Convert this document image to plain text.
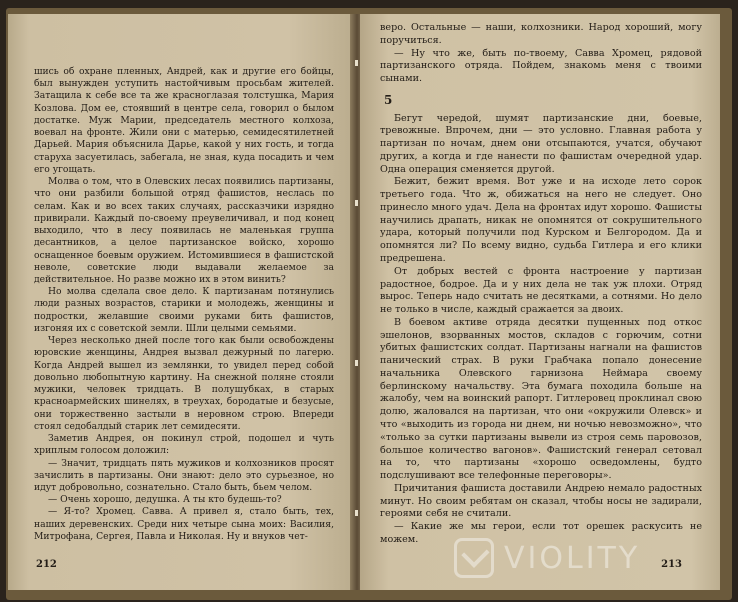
шись об охране пленных, Андрей, как и другие его бойцы, был вынужден уступить настойчивым просьбам жителей. Затащила к себе все та же красноглазая толстушка, Мария Козлова. Дом ее, стоявший в центре села, говорил о былом достатке. Муж Марии, председатель местного колхоза, воевал на фронте. Жили они с матерью, семидесятилетней Дарьей. Мария объяснила Дарье, какой у них гость, и тогда старуха засуетилась, забегала, не зная, куда посадить и чем его угощать.

Молва о том, что в Олевских лесах появились партизаны, что они разбили большой отряд фашистов, неслась по селам. Как и во всех таких случаях, рассказчики изрядно привирали. Каждый по-своему преувеличивал, и под конец выходило, что в лесу появилась не маленькая группа десантников, а целое партизанское войско, хорошо оснащенное боевым оружием. Истомившиеся в фашистской неволе, советские люди выдавали желаемое за действительное. Но разве можно их в этом винить?

Но молва сделала свое дело. К партизанам потянулись люди разных возрастов, старики и молодежь, женщины и подростки, желавшие своими руками бить фашистов, изгоняя их с советской земли. Шли целыми семьями.

Через несколько дней после того как были освобождены юровские женщины, Андрея вызвал дежурный по лагерю. Когда Андрей вышел из землянки, то увидел перед собой довольно любопытную картину. На снежной поляне стояли мужики, человек тридцать. В полушубках, в старых красноармейских шинелях, в треухах, бородатые и безусые, они торжественно застыли в неровном строю. Впереди стоял седобалдый старик лет семидесяти.

Заметив Андрея, он покинул строй, подошел и чуть хриплым голосом доложил:

— Значит, тридцать пять мужиков и колхозников просят зачислить в партизаны. Они знают: дело это сурьезное, но идут добровольно, сознательно. Стало быть, бьем челом.

— Очень хорошо, дедушка. А ты кто будешь-то?

— Я-то? Хромец. Савва. А привел я, стало быть, тех, наших деревенских. Среди них четыре сына моих: Василия, Митрофана, Сергея, Павла и Николая. Ну и внуков чет-

212

веро. Остальные — наши, колхозники. Народ хороший, могу поручиться.

— Ну что же, быть по-твоему, Савва Хромец, рядовой партизанского отряда. Пойдем, знакомь меня с твоими сынами.

5

Бегут чередой, шумят партизанские дни, боевые, тревожные. Впрочем, дни — это условно. Главная работа у партизан по ночам, днем они отсыпаются, учатся, обучают других, а когда и где нанести по фашистам очередной удар. Одна операция сменяется другой.

Бежит, бежит время. Вот уже и на исходе лето сорок третьего года. Что ж, обижаться на него не следует. Оно принесло много удач. Дела на фронтах идут хорошо. Фашисты научились драпать, никак не опомнятся от сокрушительного удара, который получили под Курском и Белгородом. Да и опомнятся ли? По всему видно, судьба Гитлера и его клики предрешена.

От добрых вестей с фронта настроение у партизан радостное, бодрое. Да и у них дела не так уж плохи. Отряд вырос. Теперь надо считать не десятками, а сотнями. Но дело не только в числе, каждый сражается за двоих.

В боевом активе отряда десятки пущенных под откос эшелонов, взорванных мостов, складов с горючим, сотни убитых фашистских солдат. Партизаны нагнали на фашистов панический страх. В руки Грабчака попало донесение начальника Олевского гарнизона Неймара своему берлинскому начальству. Эта бумага походила больше на жалобу, чем на воинский рапорт. Гитлеровец проклинал свою долю, жаловался на партизан, что они «окружили Олевск» и что «выходить из города ни днем, ни ночью невозможно», что «только за сутки партизаны вывели из строя семь паровозов, большое количество вагонов». Фашистский генерал сетовал на то, что партизаны «хорошо осведомлены, будто подслушивают все телефонные переговоры».

Причитания фашиста доставили Андрею немало радостных минут. Но своим ребятам он сказал, чтобы носы не задирали, героями себя не считали.

— Какие же мы герои, если тот орешек раскусить не можем.

213
VIOLITY
